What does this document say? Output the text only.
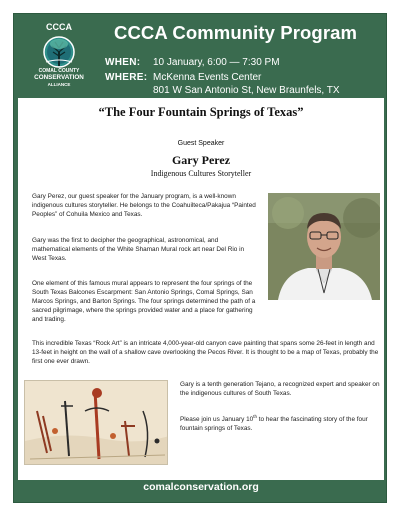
CCCA
COMAL COUNTY
CONSERVATION
ALLIANCE
CCCA Community Program
WHEN: 10 January, 6:00 — 7:30 PM
WHERE: McKenna Events Center
801 W San Antonio St, New Braunfels, TX
“The Four Fountain Springs of Texas”
Guest Speaker
Gary Perez
Indigenous Cultures Storyteller
Gary Perez, our guest speaker for the January program, is a well-known indigenous cultures storyteller. He belongs to the Coahuilteca/Pakajua “Painted Peoples” of Cohuila Mexico and Texas.
Gary was the first to decipher the geographical, astronomical, and mathematical elements of the White Shaman Mural rock art near Del Rio in West Texas.
One element of this famous mural appears to represent the four springs of the South Texas Balcones Escarpment: San Antonio Springs, Comal Springs, San Marcos Springs, and Barton Springs. The four springs determined the path of a sacred pilgrimage, where the springs provided water and a place for gathering and trading.
This incredible Texas “Rock Art” is an intricate 4,000-year-old canyon cave painting that spans some 26-feet in length and 13-feet in height on the wall of a shallow cave overlooking the Pecos River. It is thought to be a map of Texas, probably the first one ever drawn.
Gary is a tenth generation Tejano, a recognized expert and speaker on the indigenous cultures of South Texas.
Please join us January 10th to hear the fascinating story of the four fountain springs of Texas.
comalconservation.org
